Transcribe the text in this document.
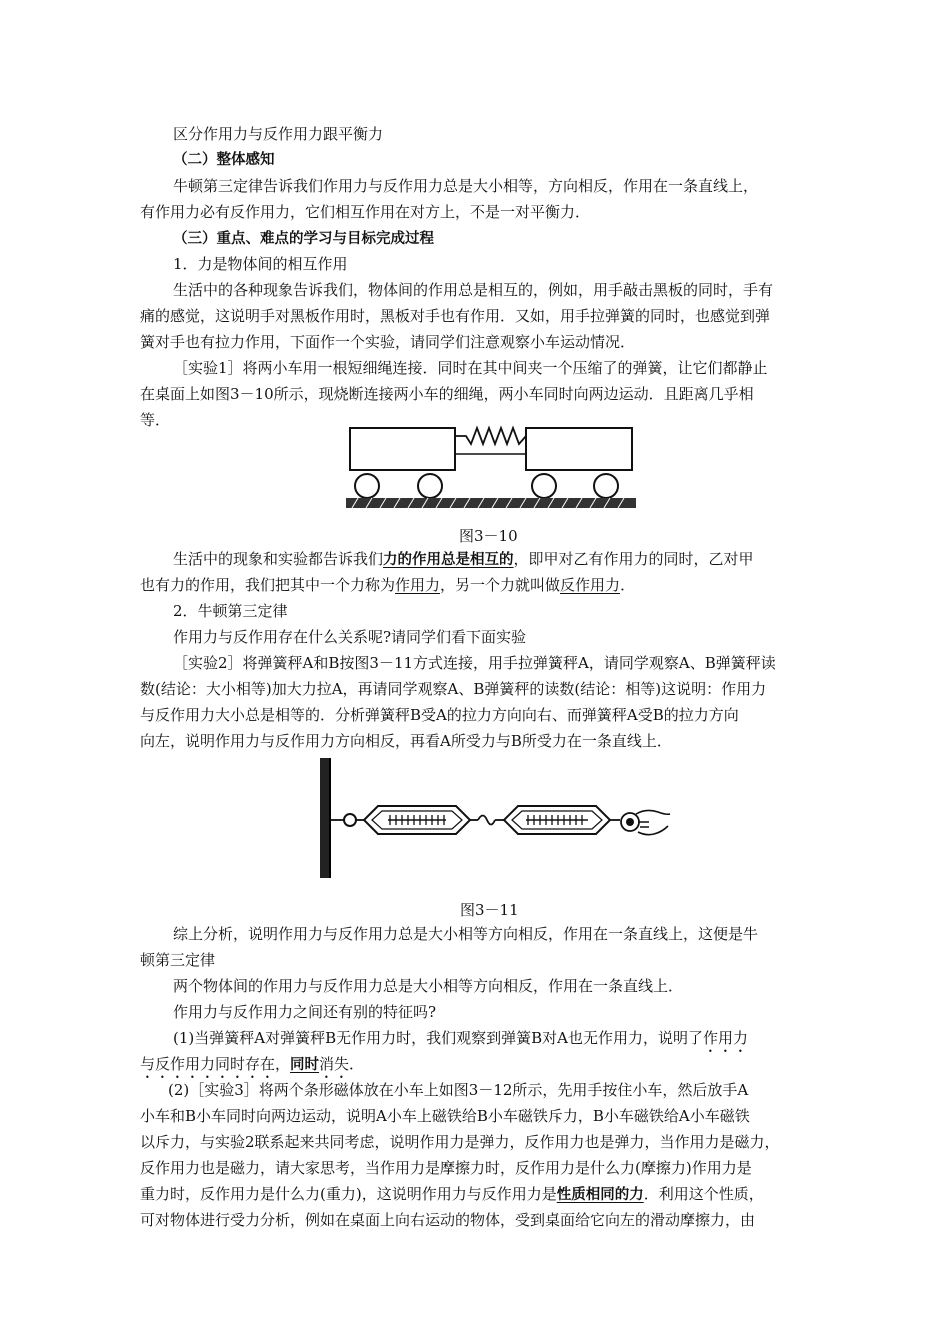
区分作用力与反作用力跟平衡力
（二）整体感知
牛顿第三定律告诉我们作用力与反作用力总是大小相等，方向相反，作用在一条直线上，
有作用力必有反作用力，它们相互作用在对方上，不是一对平衡力．
（三）重点、难点的学习与目标完成过程
1．力是物体间的相互作用
生活中的各种现象告诉我们，物体间的作用总是相互的，例如，用手敲击黑板的同时，手有
痛的感觉，这说明手对黑板作用时，黑板对手也有作用．又如，用手拉弹簧的同时，也感觉到弹
簧对手也有拉力作用，下面作一个实验，请同学们注意观察小车运动情况．
［实验1］将两小车用一根短细绳连接．同时在其中间夹一个压缩了的弹簧，让它们都静止
在桌面上如图3－10所示，现烧断连接两小车的细绳，两小车同时向两边运动．且距离几乎相
等．
生活中的现象和实验都告诉我们力的作用总是相互的，即甲对乙有作用力的同时，乙对甲
也有力的作用，我们把其中一个力称为作用力，另一个力就叫做反作用力．
2．牛顿第三定律
作用力与反作用存在什么关系呢?请同学们看下面实验
［实验2］将弹簧秤A和B按图3－11方式连接，用手拉弹簧秤A，请同学观察A、B弹簧秤读
数(结论：大小相等)加大力拉A，再请同学观察A、B弹簧秤的读数(结论：相等)这说明：作用力
与反作用力大小总是相等的．分析弹簧秤B受A的拉力方向向右、而弹簧秤A受B的拉力方向
向左，说明作用力与反作用力方向相反，再看A所受力与B所受力在一条直线上．
综上分析，说明作用力与反作用力总是大小相等方向相反，作用在一条直线上，这便是牛
顿第三定律
两个物体间的作用力与反作用力总是大小相等方向相反，作用在一条直线上．
作用力与反作用力之间还有别的特征吗?
(1)当弹簧秤A对弹簧秤B无作用力时，我们观察到弹簧B对A也无作用力，说明了作用力
与反作用力同时存在，同时消失．
(2)［实验3］将两个条形磁体放在小车上如图3－12所示，先用手按住小车，然后放手A
小车和B小车同时向两边运动，说明A小车上磁铁给B小车磁铁斥力，B小车磁铁给A小车磁铁
以斥力，与实验2联系起来共同考虑，说明作用力是弹力，反作用力也是弹力，当作用力是磁力，
反作用力也是磁力，请大家思考，当作用力是摩擦力时，反作用力是什么力(摩擦力)作用力是
重力时，反作用力是什么力(重力)，这说明作用力与反作用力是性质相同的力．利用这个性质，
可对物体进行受力分析，例如在桌面上向右运动的物体，受到桌面给它向左的滑动摩擦力，由
图3－10
图3－11
